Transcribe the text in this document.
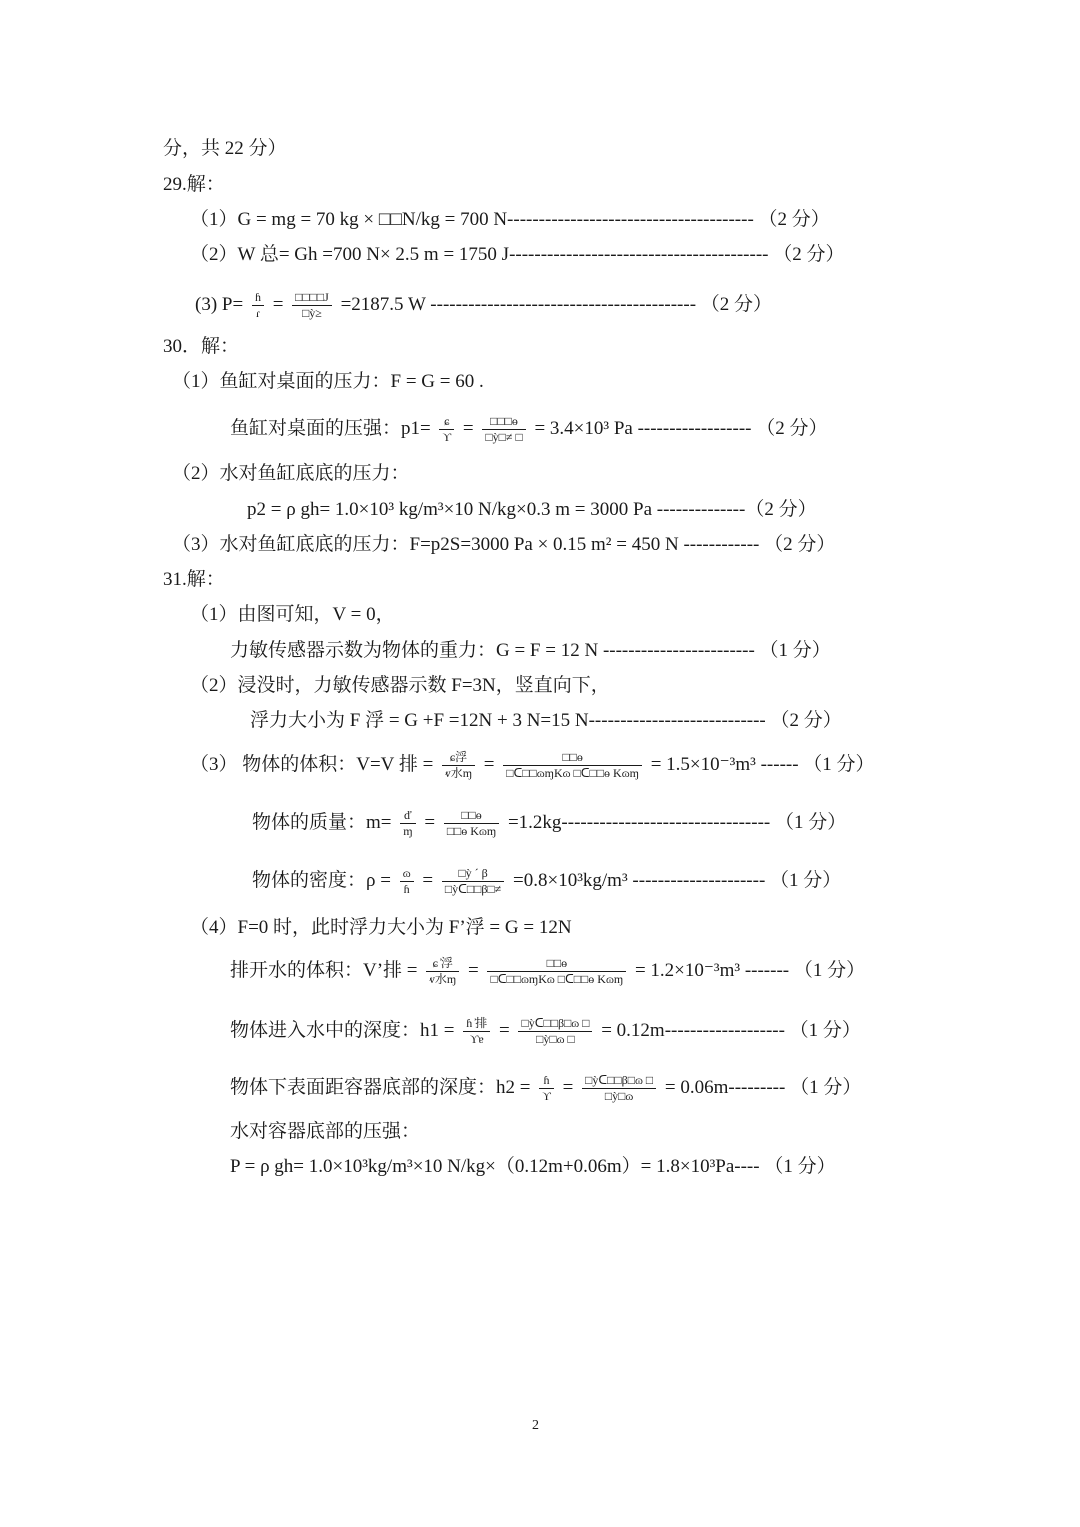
分，共 22 分）
29.解：
（1）G = mg = 70 kg × □□N/kg = 700 N--------------------------------------- （2 分）
（2）W 总= Gh =700 N× 2.5 m = 1750 J----------------------------------------- （2 分）
(3) $P= \frac{\text{ɦ}}{\text{ɾ}} = \frac{□□□□J}{\text{□ỳ≥}} =2187.5$ W ------------------------------------------ （2 分）
30．解：
（1）鱼缸对桌面的压力：F = G = 60 .
鱼缸对桌面的压强：$p1= \frac{\text{ɕ}}{ϒ} = \frac{\text{□□□ɵ}}{\text{□ỳ□≠ □}} = 3.4\times 10^3$ Pa ------------------ （2 分）
（2）水对鱼缸底底的压力：
p2 = ρ gh= 1.0×10³ kg/m³×10 N/kg×0.3 m = 3000 Pa --------------（2 分）
（3）水对鱼缸底底的压力：F=p2S=3000 Pa × 0.15 m² = 450 N ------------ （2 分）
31.解：
（1）由图可知，V = 0，
力敏传感器示数为物体的重力：G = F = 12 N ------------------------ （1 分）
（2）浸没时，力敏传感器示数 F=3N，竖直向下，
浮力大小为 F 浮 = G +F =12N + 3 N=15 N---------------------------- （2 分）
（3） 物体的体积：V=V 排 = $\frac{\text{ɕ浮}}{\text{ⱴ水ɱ}} = \frac{\text{□□ɵ}}{\text{□ᑕ□□ɷɱKɷ □ᑕ□□ɵ Kɷɱ}} = 1.5\times 10^{-3}m^3$ ------ （1 分）
物体的质量：$m= \frac{ď}{\text{ɱ}} = \frac{\text{□□ɵ}}{\text{□□ɵ Kɷɱ}} =1.2kg---------------------------------$ （1 分）
物体的密度：$\rho = \frac{\text{ɷ}}{\text{ɦ}} = \frac{\text{□ỳ ˊ β}}{\text{□ỳᑕ□□β□≠}} =0.8\times 10^3kg/m^3$ --------------------- （1 分）
（4）F=0 时，此时浮力大小为 F’浮 = G = 12N
排开水的体积：V’排 = $\frac{\text{ɕ ̓浮}}{\text{ⱴ水ɱ}} = \frac{\text{□□ɵ}}{\text{□ᑕ□□ɷɱKɷ □ᑕ□□ɵ Kɷɱ}} = 1.2\times 10^{-3}m^3$ ------- （1 分）
物体进入水中的深度：$h1 = \frac{\text{ɦ ̓排}}{\text{ϒɐ}} = \frac{\text{□ỳᑕ□□β□ɷ □}}{\text{□ỳ□ɷ □}} = 0.12m-------------------$ （1 分）
物体下表面距容器底部的深度：$h2 = \frac{\text{ɦ}}{ϒ} = \frac{\text{□ỳᑕ□□β□ɷ □}}{\text{□ỳ□ɷ}} = 0.06m---------$ （1 分）
水对容器底部的压强：
P = ρ gh= 1.0×10³kg/m³×10 N/kg×（0.12m+0.06m）= 1.8×10³Pa---- （1 分）
2
